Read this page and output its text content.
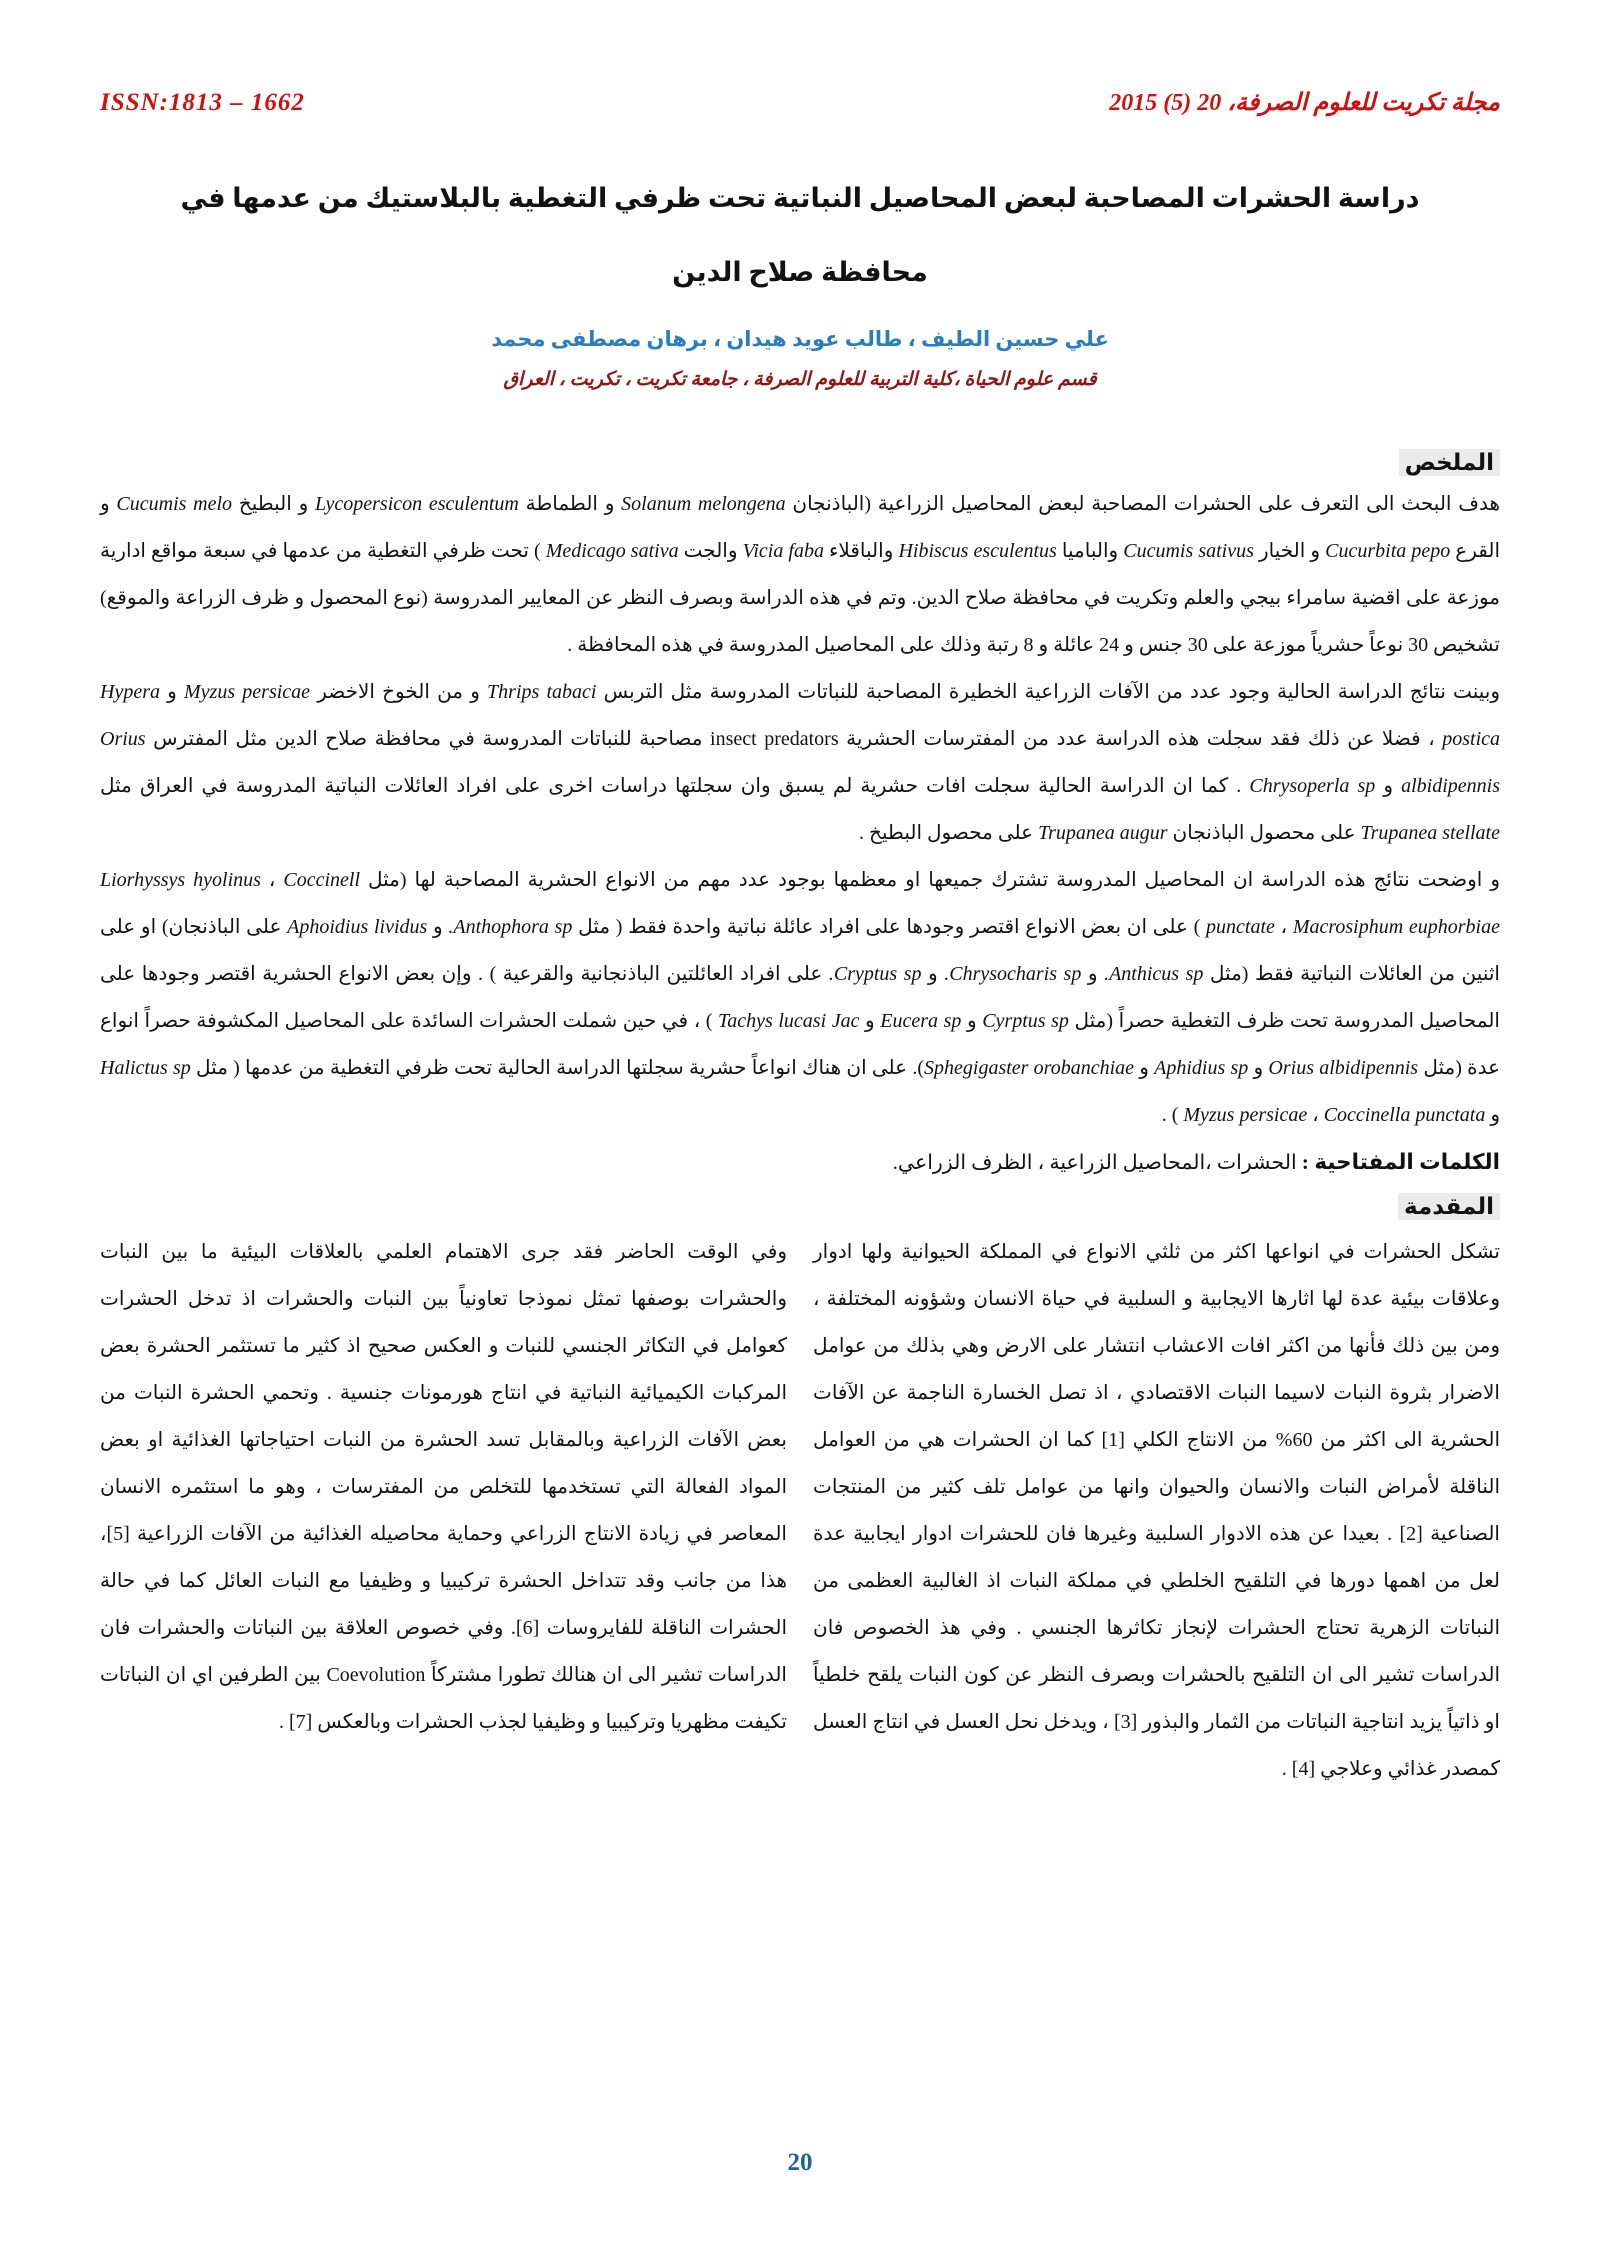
ISSN:1813 – 1662	مجلة تكريت للعلوم الصرفة، 20 (5) 2015
دراسة الحشرات المصاحبة لبعض المحاصيل النباتية تحت ظرفي التغطية بالبلاستيك من عدمها في
محافظة صلاح الدين
علي حسين الطيف ، طالب عويد هيدان ، برهان مصطفى محمد
قسم علوم الحياة ،كلية التربية للعلوم الصرفة ، جامعة تكريت ، تكريت ، العراق
الملخص

هدف البحث الى التعرف على الحشرات المصاحبة لبعض المحاصيل الزراعية (الباذنجان Solanum melongena و الطماطة Lycopersicon esculentum و البطيخ Cucumis melo و القرع Cucurbita pepo و الخيار Cucumis sativus والباميا Hibiscus esculentus والباقلاء Vicia faba والجت Medicago sativa ) تحت ظرفي التغطية من عدمها في سبعة مواقع ادارية موزعة على اقضية سامراء بيجي والعلم وتكريت في محافظة صلاح الدين. وتم في هذه الدراسة وبصرف النظر عن المعايير المدروسة (نوع المحصول و ظرف الزراعة والموقع) تشخيص 30 نوعاً حشرياً موزعة على 30 جنس و 24 عائلة و 8 رتبة وذلك على المحاصيل المدروسة في هذه المحافظة .

وبينت نتائج الدراسة الحالية وجود عدد من الآفات الزراعية الخطيرة المصاحبة للنباتات المدروسة مثل التربس Thrips tabaci و من الخوخ الاخضر Myzus persicae و Hypera postica ، فضلا عن ذلك فقد سجلت هذه الدراسة عدد من المفترسات الحشرية insect predators مصاحبة للنباتات المدروسة في محافظة صلاح الدين مثل المفترس Orius albidipennis و Chrysoperla sp . كما ان الدراسة الحالية سجلت افات حشرية لم يسبق وان سجلتها دراسات اخرى على افراد العائلات النباتية المدروسة في العراق مثل Trupanea stellate على محصول الباذنجان Trupanea augur على محصول البطيخ .

و اوضحت نتائج هذه الدراسة ان المحاصيل المدروسة تشترك جميعها او معظمها بوجود عدد مهم من الانواع الحشرية المصاحبة لها (مثل Liorhyssys hyolinus ، Coccinell punctate ، Macrosiphum euphorbiae ) على ان بعض الانواع اقتصر وجودها على افراد عائلة نباتية واحدة فقط ( مثل Anthophora sp. و Aphoidius lividus على الباذنجان) او على اثنين من العائلات النباتية فقط (مثل Anthicus sp. و Chrysocharis sp. و Cryptus sp. على افراد العائلتين الباذنجانية والقرعية ) . وإن بعض الانواع الحشرية اقتصر وجودها على المحاصيل المدروسة تحت ظرف التغطية حصراً (مثل Cyrptus sp و Eucera sp و Tachys lucasi Jac ) ، في حين شملت الحشرات السائدة على المحاصيل المكشوفة حصراً انواع عدة (مثل Orius albidipennis و Aphidius sp و Sphegigaster orobanchiae). على ان هناك انواعاً حشرية سجلتها الدراسة الحالية تحت ظرفي التغطية من عدمها ( مثل Halictus sp و Myzus persicae ، Coccinella punctata ) .

الكلمات المفتاحية : الحشرات ،المحاصيل الزراعية ، الظرف الزراعي.
المقدمة
تشكل الحشرات في انواعها اكثر من ثلثي الانواع في المملكة الحيوانية ولها ادوار وعلاقات بيئية عدة لها اثارها الايجابية و السلبية في حياة الانسان وشؤونه المختلفة ، ومن بين ذلك فأنها من اكثر افات الاعشاب انتشار على الارض وهي بذلك من عوامل الاضرار بثروة النبات لاسيما النبات الاقتصادي ، اذ تصل الخسارة الناجمة عن الآفات الحشرية الى اكثر من 60% من الانتاج الكلي [1] كما ان الحشرات هي من العوامل الناقلة لأمراض النبات والانسان والحيوان وانها من عوامل تلف كثير من المنتجات الصناعية [2] . بعيدا عن هذه الادوار السلبية وغيرها فان للحشرات ادوار ايجابية عدة لعل من اهمها دورها في التلقيح الخلطي في مملكة النبات اذ الغالبية العظمى من النباتات الزهرية تحتاج الحشرات لإنجاز تكاثرها الجنسي . وفي هذ الخصوص فان الدراسات تشير الى ان التلقيح بالحشرات وبصرف النظر عن كون النبات يلقح خلطياً او ذاتياً يزيد انتاجية النباتات من الثمار والبذور [3] ، ويدخل نحل العسل في انتاج العسل كمصدر غذائي وعلاجي [4] .
وفي الوقت الحاضر فقد جرى الاهتمام العلمي بالعلاقات البيئية ما بين النبات والحشرات بوصفها تمثل نموذجا تعاونياً بين النبات والحشرات اذ تدخل الحشرات كعوامل في التكاثر الجنسي للنبات و العكس صحيح اذ كثير ما تستثمر الحشرة بعض المركبات الكيميائية النباتية في انتاج هورمونات جنسية . وتحمي الحشرة النبات من بعض الآفات الزراعية وبالمقابل تسد الحشرة من النبات احتياجاتها الغذائية او بعض المواد الفعالة التي تستخدمها للتخلص من المفترسات ، وهو ما استثمره الانسان المعاصر في زيادة الانتاج الزراعي وحماية محاصيله الغذائية من الآفات الزراعية [5]، هذا من جانب وقد تتداخل الحشرة تركيبيا و وظيفيا مع النبات العائل كما في حالة الحشرات الناقلة للفايروسات [6]. وفي خصوص العلاقة بين النباتات والحشرات فان الدراسات تشير الى ان هنالك تطورا مشتركاً Coevolution بين الطرفين اي ان النباتات تكيفت مظهريا وتركيبيا و وظيفيا لجذب الحشرات وبالعكس [7] .
20
